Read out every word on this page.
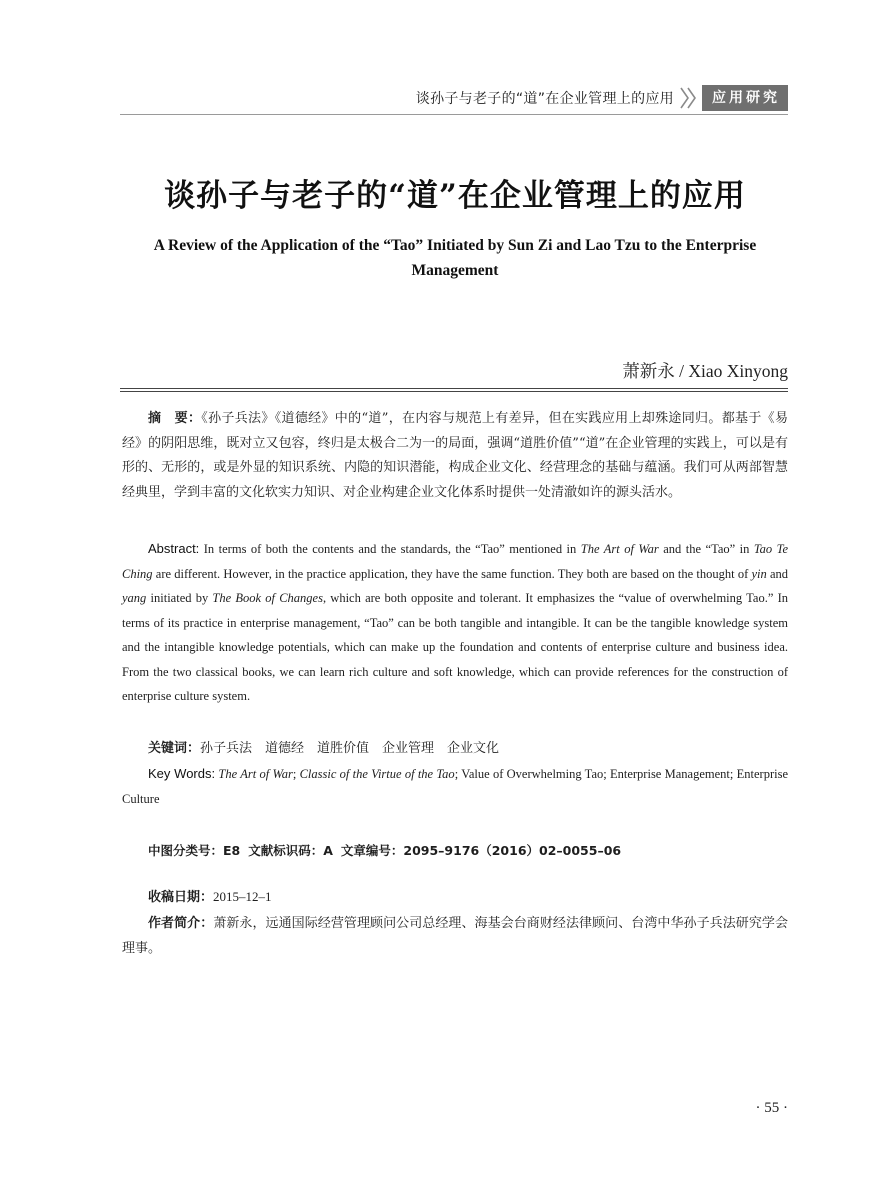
谈孙子与老子的“道”在企业管理上的应用	应用研究
谈孙子与老子的“道”在企业管理上的应用
A Review of the Application of the “Tao” Initiated by Sun Zi and Lao Tzu to the Enterprise Management
萧新永 / Xiao Xinyong
摘　要：《孙子兵法》《道德经》中的“道”，在内容与规范上有差异，但在实践应用上却殊途同归。都基于《易经》的阴阳思维，既对立又包容，终归是太极合二为一的局面，强调“道胜价值”“道”在企业管理的实践上，可以是有形的、无形的，或是外显的知识系统、内隐的知识潜能，构成企业文化、经营理念的基础与蕴涵。我们可从两部智慧经典里，学到丰富的文化软实力知识、对企业构建企业文化体系时提供一处清澈如许的源头活水。
Abstract: In terms of both the contents and the standards, the “Tao” mentioned in The Art of War and the “Tao” in Tao Te Ching are different. However, in the practice application, they have the same function. They both are based on the thought of yin and yang initiated by The Book of Changes, which are both opposite and tolerant. It emphasizes the “value of overwhelming Tao.” In terms of its practice in enterprise management, “Tao” can be both tangible and intangible. It can be the tangible knowledge system and the intangible knowledge potentials, which can make up the foundation and contents of enterprise culture and business idea. From the two classical books, we can learn rich culture and soft knowledge, which can provide references for the construction of enterprise culture system.
关键词：孙子兵法　道德经　道胜价值　企业管理　企业文化
Key Words: The Art of War; Classic of the Virtue of the Tao; Value of Overwhelming Tao; Enterprise Management; Enterprise Culture
中图分类号：E8 文献标识码：A 文章编号：2095–9176（2016）02–0055–06
收稿日期：2015–12–1
作者简介：萧新永，远通国际经营管理顾问公司总经理、海基会台商财经法律顾问、台湾中华孙子兵法研究学会理事。
· 55 ·
